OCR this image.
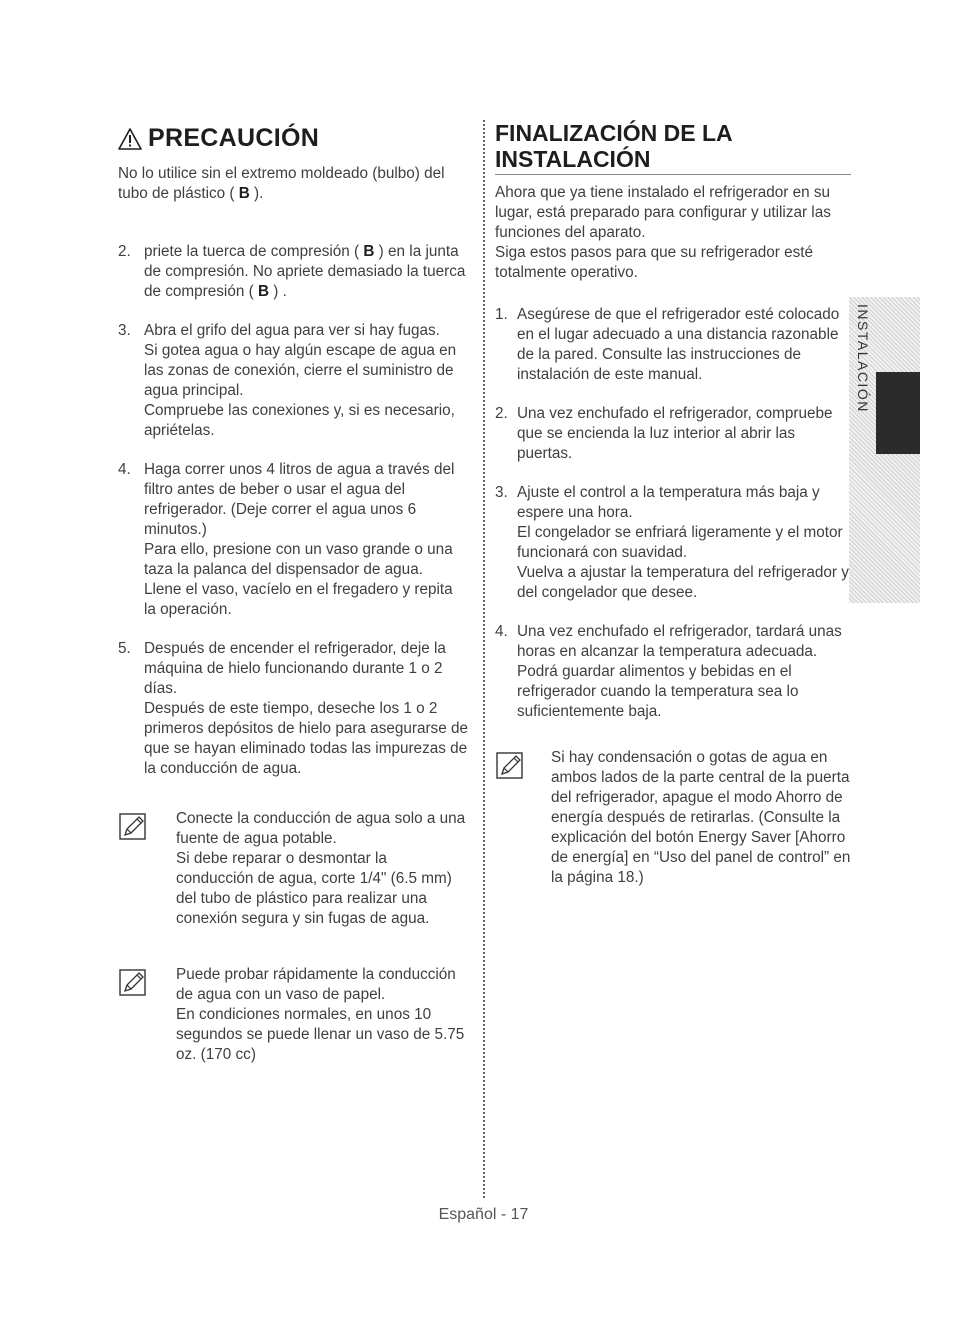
PRECAUCIÓN

No lo utilice sin el extremo moldeado (bulbo) del tubo de plástico ( B ).

2. priete la tuerca de compresión ( B ) en la junta de compresión. No apriete demasiado la tuerca de compresión ( B ) .
3. Abra el grifo del agua para ver si hay fugas.
Si gotea agua o hay algún escape de agua en las zonas de conexión, cierre el suministro de agua principal.
Compruebe las conexiones y, si es necesario, apriételas.
4. Haga correr unos 4 litros de agua a través del filtro antes de beber o usar el agua del refrigerador. (Deje correr el agua unos 6 minutos.)
Para ello, presione con un vaso grande o una taza la palanca del dispensador de agua.
Llene el vaso, vacíelo en el fregadero y repita la operación.
5. Después de encender el refrigerador, deje la máquina de hielo funcionando durante 1 o 2 días.
Después de este tiempo, deseche los 1 o 2 primeros depósitos de hielo para asegurarse de que se hayan eliminado todas las impurezas de la conducción de agua.

Conecte la conducción de agua solo a una fuente de agua potable.

Si debe reparar o desmontar la conducción de agua, corte 1/4" (6.5 mm) del tubo de plástico para realizar una conexión segura y sin fugas de agua.

Puede probar rápidamente la conducción de agua con un vaso de papel.

En condiciones normales, en unos 10 segundos se puede llenar un vaso de 5.75 oz. (170 cc)

FINALIZACIÓN DE LA
INSTALACIÓN

Ahora que ya tiene instalado el refrigerador en su lugar, está preparado para configurar y utilizar las funciones del aparato.

Siga estos pasos para que su refrigerador esté totalmente operativo.

1. Asegúrese de que el refrigerador esté colocado en el lugar adecuado a una distancia razonable de la pared. Consulte las instrucciones de instalación de este manual.
2. Una vez enchufado el refrigerador, compruebe que se encienda la luz interior al abrir las puertas.
3. Ajuste el control a la temperatura más baja y espere una hora.
El congelador se enfriará ligeramente y el motor funcionará con suavidad.
Vuelva a ajustar la temperatura del refrigerador y del congelador que desee.
4. Una vez enchufado el refrigerador, tardará unas horas en alcanzar la temperatura adecuada. Podrá guardar alimentos y bebidas en el refrigerador cuando la temperatura sea lo suficientemente baja.

Si hay condensación o gotas de agua en ambos lados de la parte central de la puerta del refrigerador, apague el modo Ahorro de energía después de retirarlas. (Consulte la explicación del botón Energy Saver [Ahorro de energía] en “Uso del panel de control” en la página 18.)

INSTALACIÓN
Español - 17
